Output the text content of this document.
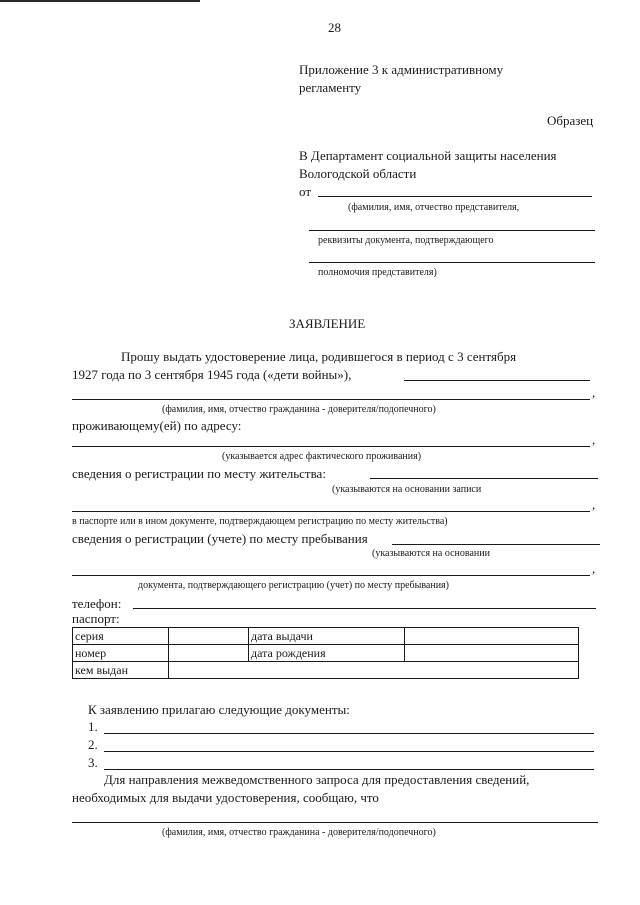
28
Приложение 3 к административному
регламенту
Образец
В Департамент социальной защиты населения
Вологодской области
от
(фамилия, имя, отчество представителя,
реквизиты документа, подтверждающего
полномочия представителя)
ЗАЯВЛЕНИЕ
Прошу выдать удостоверение лица, родившегося в период с 3 сентября
1927 года по 3 сентября 1945 года («дети войны»),
,
(фамилия, имя, отчество гражданина - доверителя/подопечного)
проживающему(ей) по адресу:
,
(указывается адрес фактического проживания)
сведения о регистрации по месту жительства:
(указываются на основании записи
,
в паспорте или в ином документе, подтверждающем регистрацию по месту жительства)
сведения о регистрации (учете) по месту пребывания
(указываются на основании
,
документа, подтверждающего регистрацию (учет) по месту пребывания)
телефон:
паспорт:
серия		дата выдачи	
номер		дата рождения	
кем выдан			
К заявлению прилагаю следующие документы:
1.
2.
3.
Для направления межведомственного запроса для предоставления сведений,
необходимых для выдачи удостоверения, сообщаю, что
(фамилия, имя, отчество гражданина - доверителя/подопечного)
